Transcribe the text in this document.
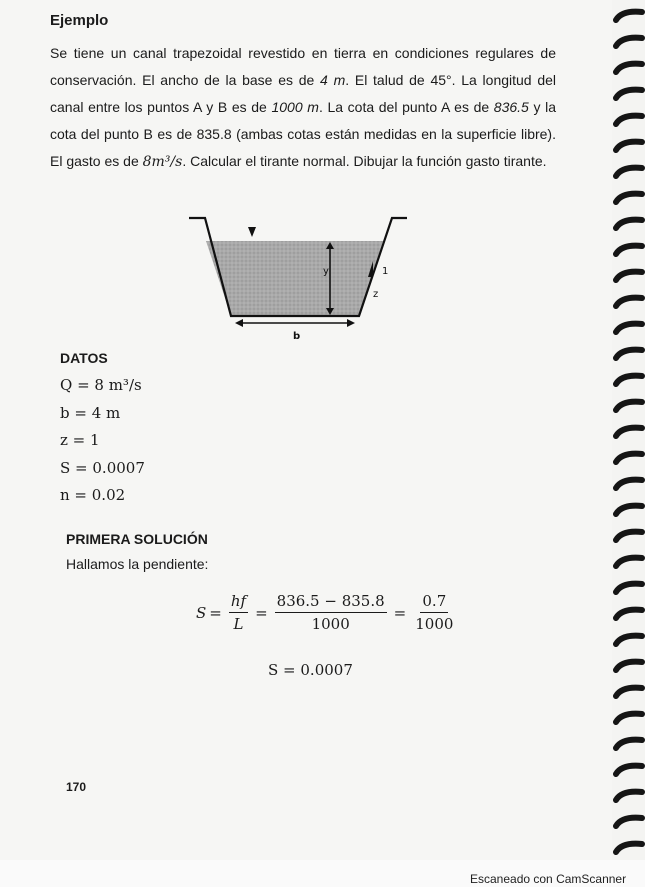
Ejemplo
Se tiene un canal trapezoidal revestido en tierra en condiciones regulares de conservación. El ancho de la base es de 4 m. El talud de 45°. La longitud del canal entre los puntos A y B es de 1000 m. La cota del punto A es de 836.5 y la cota del punto B es de 835.8 (ambas cotas están medidas en la superficie libre). El gasto es de 8m³/s. Calcular el tirante normal. Dibujar la función gasto tirante.
y	1
z
b
DATOS
Q = 8 m³/s
b = 4 m
z = 1
S = 0.0007
n = 0.02
PRIMERA SOLUCIÓN
Hallamos la pendiente:
$S = \frac{hf}{L} = \frac{836.5 - 835.8}{1000} = \frac{0.7}{1000}$
S = 0.0007
170
Escaneado con CamScanner
